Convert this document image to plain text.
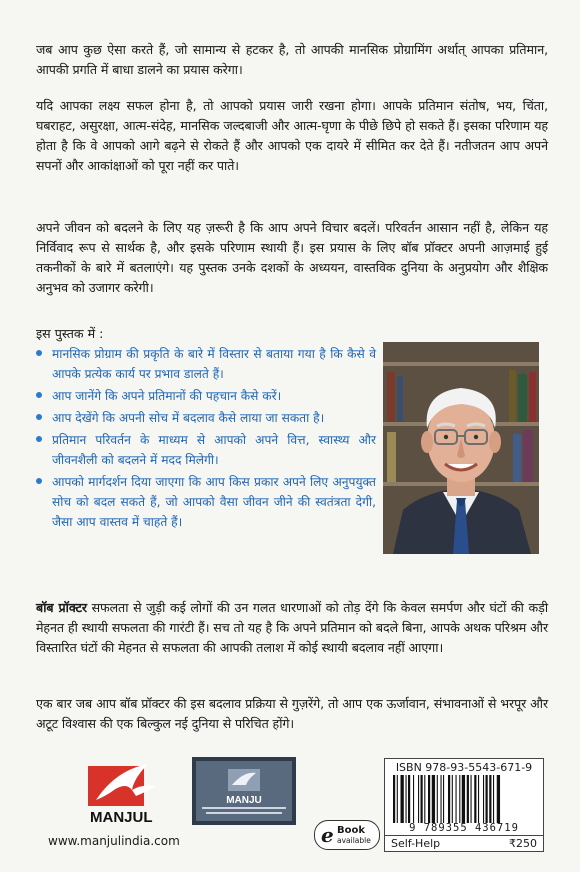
जब आप कुछ ऐसा करते हैं, जो सामान्य से हटकर है, तो आपकी मानसिक प्रोग्रामिंग अर्थात् आपका प्रतिमान, आपकी प्रगति में बाधा डालने का प्रयास करेगा।
यदि आपका लक्ष्य सफल होना है, तो आपको प्रयास जारी रखना होगा। आपके प्रतिमान संतोष, भय, चिंता, घबराहट, असुरक्षा, आत्म-संदेह, मानसिक जल्दबाजी और आत्म-घृणा के पीछे छिपे हो सकते हैं। इसका परिणाम यह होता है कि वे आपको आगे बढ़ने से रोकते हैं और आपको एक दायरे में सीमित कर देते हैं। नतीजतन आप अपने सपनों और आकांक्षाओं को पूरा नहीं कर पाते।
अपने जीवन को बदलने के लिए यह ज़रूरी है कि आप अपने विचार बदलें। परिवर्तन आसान नहीं है, लेकिन यह निर्विवाद रूप से सार्थक है, और इसके परिणाम स्थायी हैं। इस प्रयास के लिए बॉब प्रॉक्टर अपनी आज़माई हुई तकनीकों के बारे में बतलाएंगे। यह पुस्तक उनके दशकों के अध्ययन, वास्तविक दुनिया के अनुप्रयोग और शैक्षिक अनुभव को उजागर करेगी।
इस पुस्तक में :
मानसिक प्रोग्राम की प्रकृति के बारे में विस्तार से बताया गया है कि कैसे वे आपके प्रत्येक कार्य पर प्रभाव डालते हैं।
आप जानेंगे कि अपने प्रतिमानों की पहचान कैसे करें।
आप देखेंगे कि अपनी सोच में बदलाव कैसे लाया जा सकता है।
प्रतिमान परिवर्तन के माध्यम से आपको अपने वित्त, स्वास्थ्य और जीवनशैली को बदलने में मदद मिलेगी।
आपको मार्गदर्शन दिया जाएगा कि आप किस प्रकार अपने लिए अनुपयुक्त सोच को बदल सकते हैं, जो आपको वैसा जीवन जीने की स्वतंत्रता देगी, जैसा आप वास्तव में चाहते हैं।
बॉब प्रॉक्टर सफलता से जुड़ी कई लोगों की उन गलत धारणाओं को तोड़ देंगे कि केवल समर्पण और घंटों की कड़ी मेहनत ही स्थायी सफलता की गारंटी हैं। सच तो यह है कि अपने प्रतिमान को बदले बिना, आपके अथक परिश्रम और विस्तारित घंटों की मेहनत से सफलता की आपकी तलाश में कोई स्थायी बदलाव नहीं आएगा।
एक बार जब आप बॉब प्रॉक्टर की इस बदलाव प्रक्रिया से गुज़रेंगे, तो आप एक ऊर्जावान, संभावनाओं से भरपूर और अटूट विश्वास की एक बिल्कुल नई दुनिया से परिचित होंगे।
MANJUL
MANJU
www.manjulindia.com	e Book
available
ISBN 978-93-5543-671-9
9 789355 436719
Self-Help	₹250
